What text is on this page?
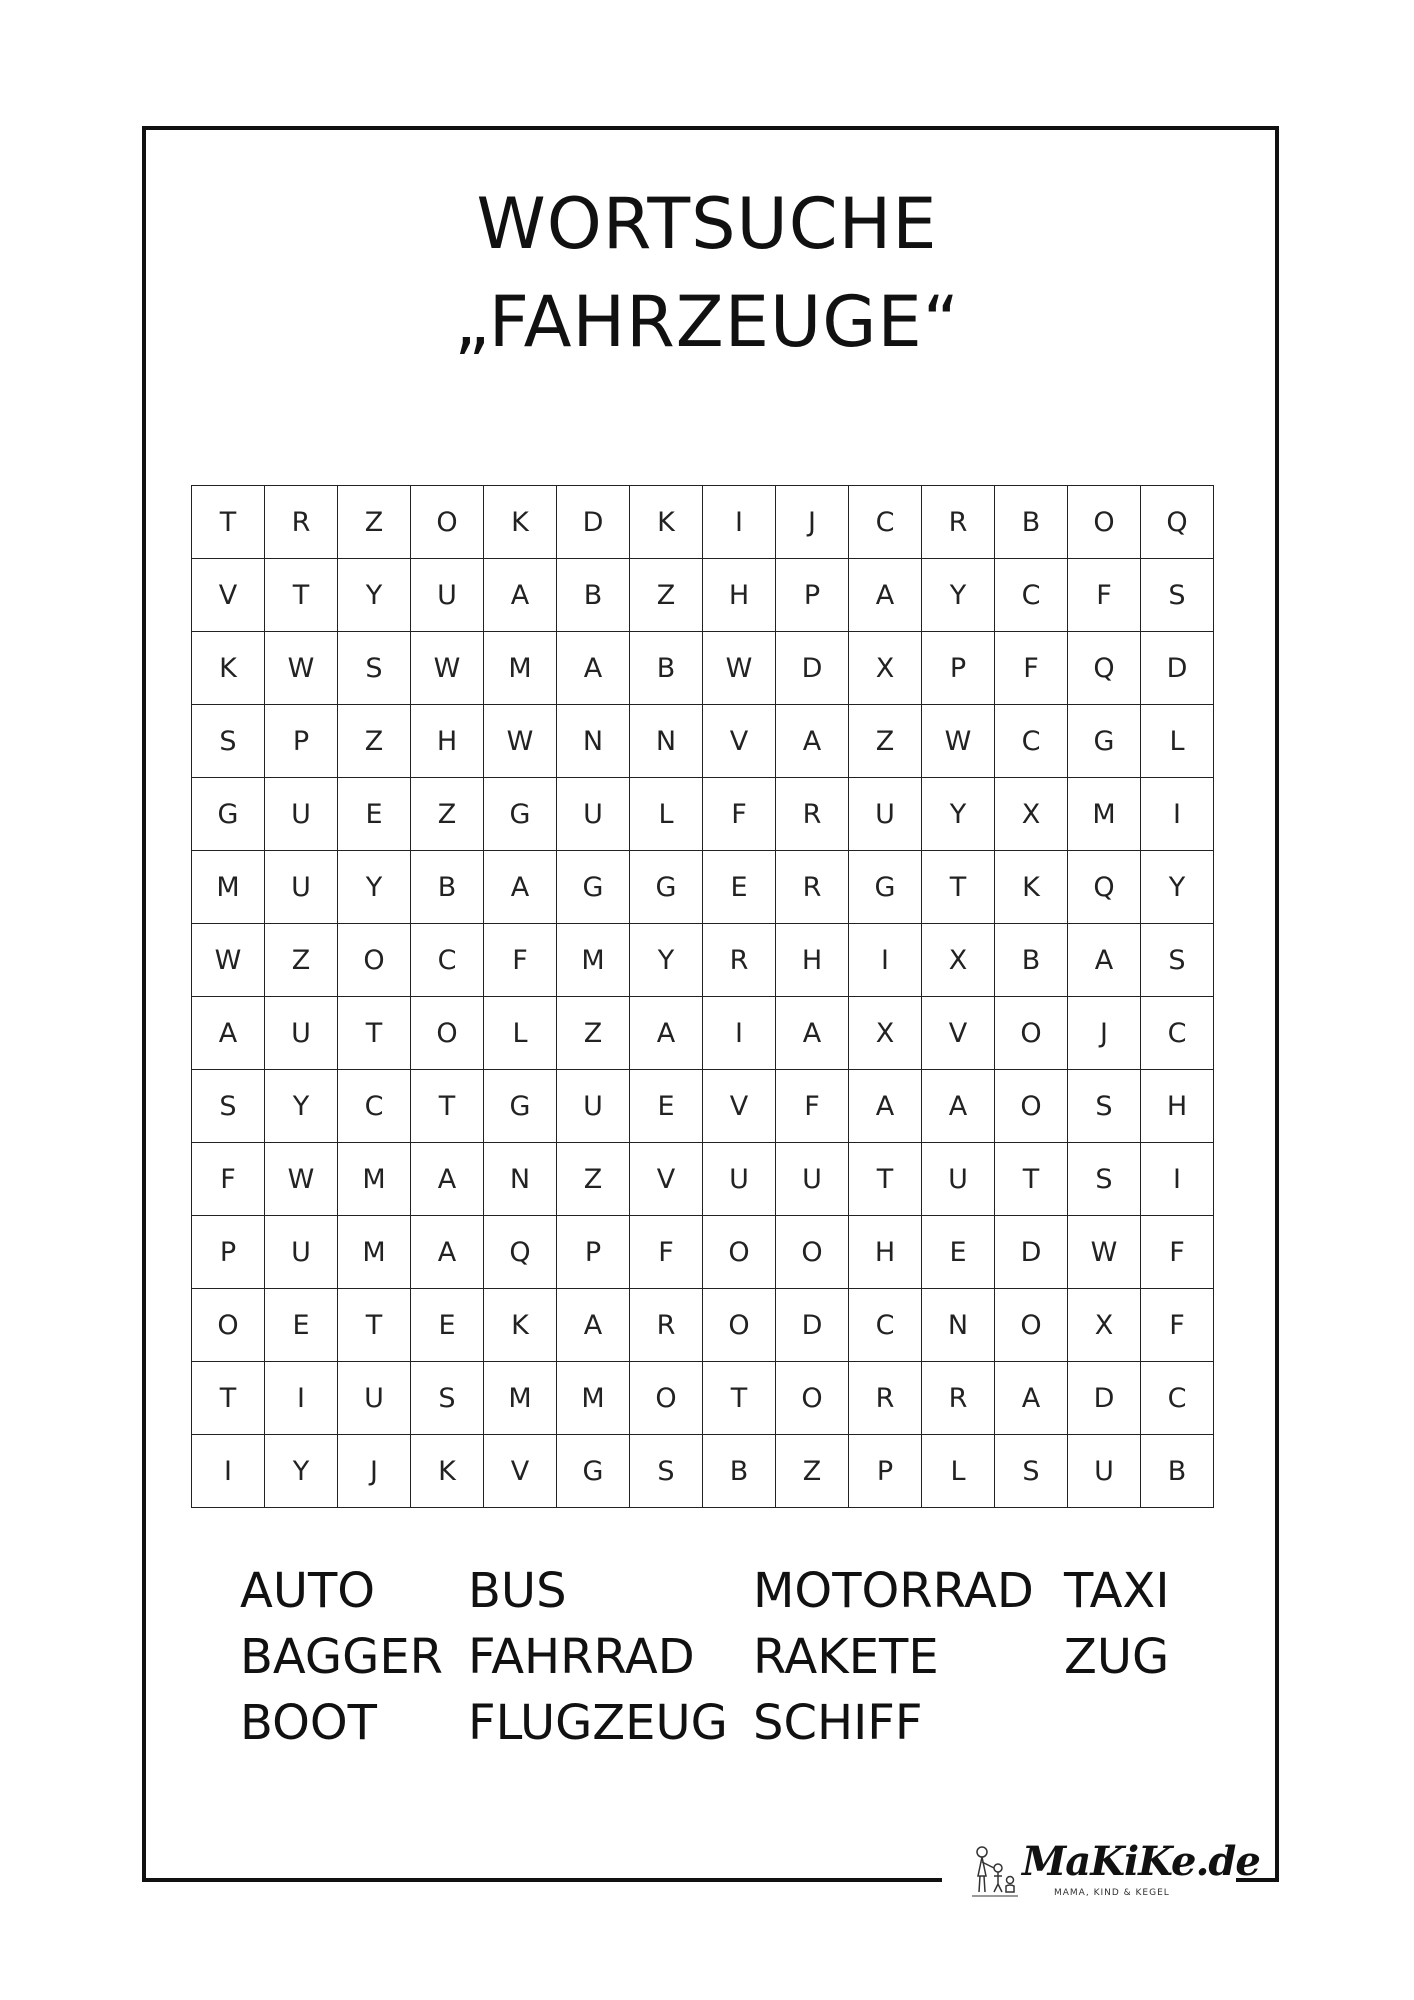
WORTSUCHE
„FAHRZEUGE“
T	R	Z	O	K	D	K	I	J	C	R	B	O	Q
V	T	Y	U	A	B	Z	H	P	A	Y	C	F	S
K	W	S	W	M	A	B	W	D	X	P	F	Q	D
S	P	Z	H	W	N	N	V	A	Z	W	C	G	L
G	U	E	Z	G	U	L	F	R	U	Y	X	M	I
M	U	Y	B	A	G	G	E	R	G	T	K	Q	Y
W	Z	O	C	F	M	Y	R	H	I	X	B	A	S
A	U	T	O	L	Z	A	I	A	X	V	O	J	C
S	Y	C	T	G	U	E	V	F	A	A	O	S	H
F	W	M	A	N	Z	V	U	U	T	U	T	S	I
P	U	M	A	Q	P	F	O	O	H	E	D	W	F
O	E	T	E	K	A	R	O	D	C	N	O	X	F
T	I	U	S	M	M	O	T	O	R	R	A	D	C
I	Y	J	K	V	G	S	B	Z	P	L	S	U	B
AUTO
BAGGER
BOOT
BUS
FAHRRAD
FLUGZEUG
MOTORRAD
RAKETE
SCHIFF
TAXI
ZUG
MaKiKe.de
MAMA, KIND & KEGEL
